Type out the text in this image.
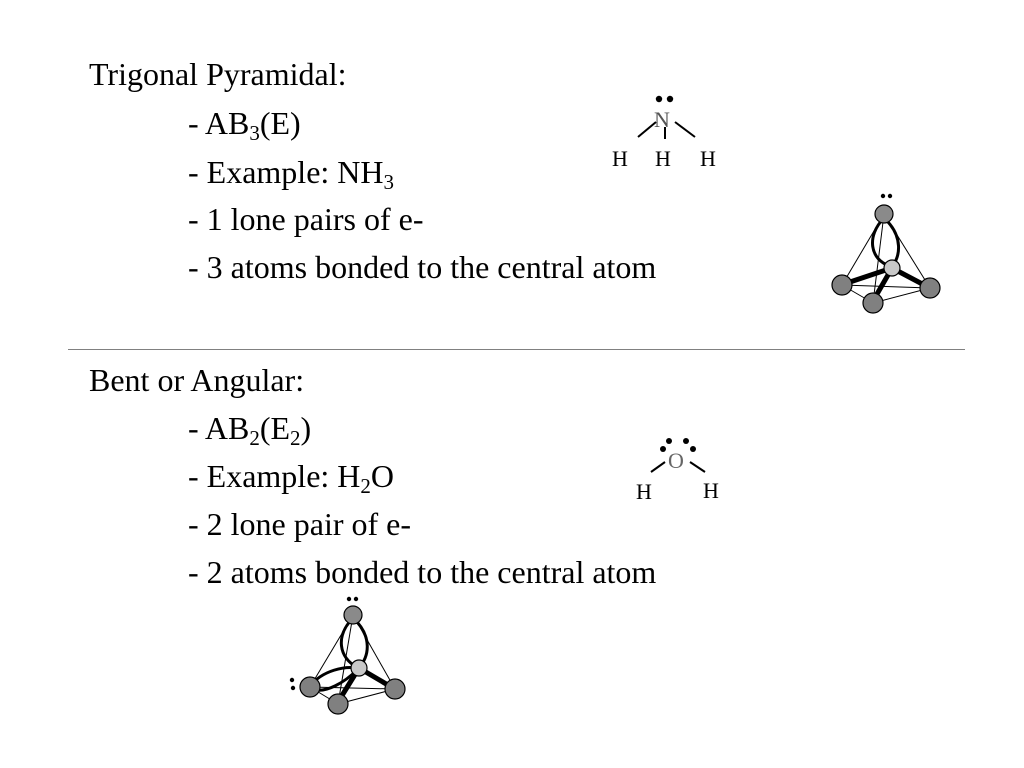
Trigonal Pyramidal:
- $AB_3(E)$
- Example: $NH_3$
- 1 lone pairs of e-
- 3 atoms bonded to the central atom
N
H H H
Bent or Angular:
- $AB_2(E_2)$
- Example: $H_2O$
- 2 lone pair of e-
- 2 atoms bonded to the central atom
O
H H
